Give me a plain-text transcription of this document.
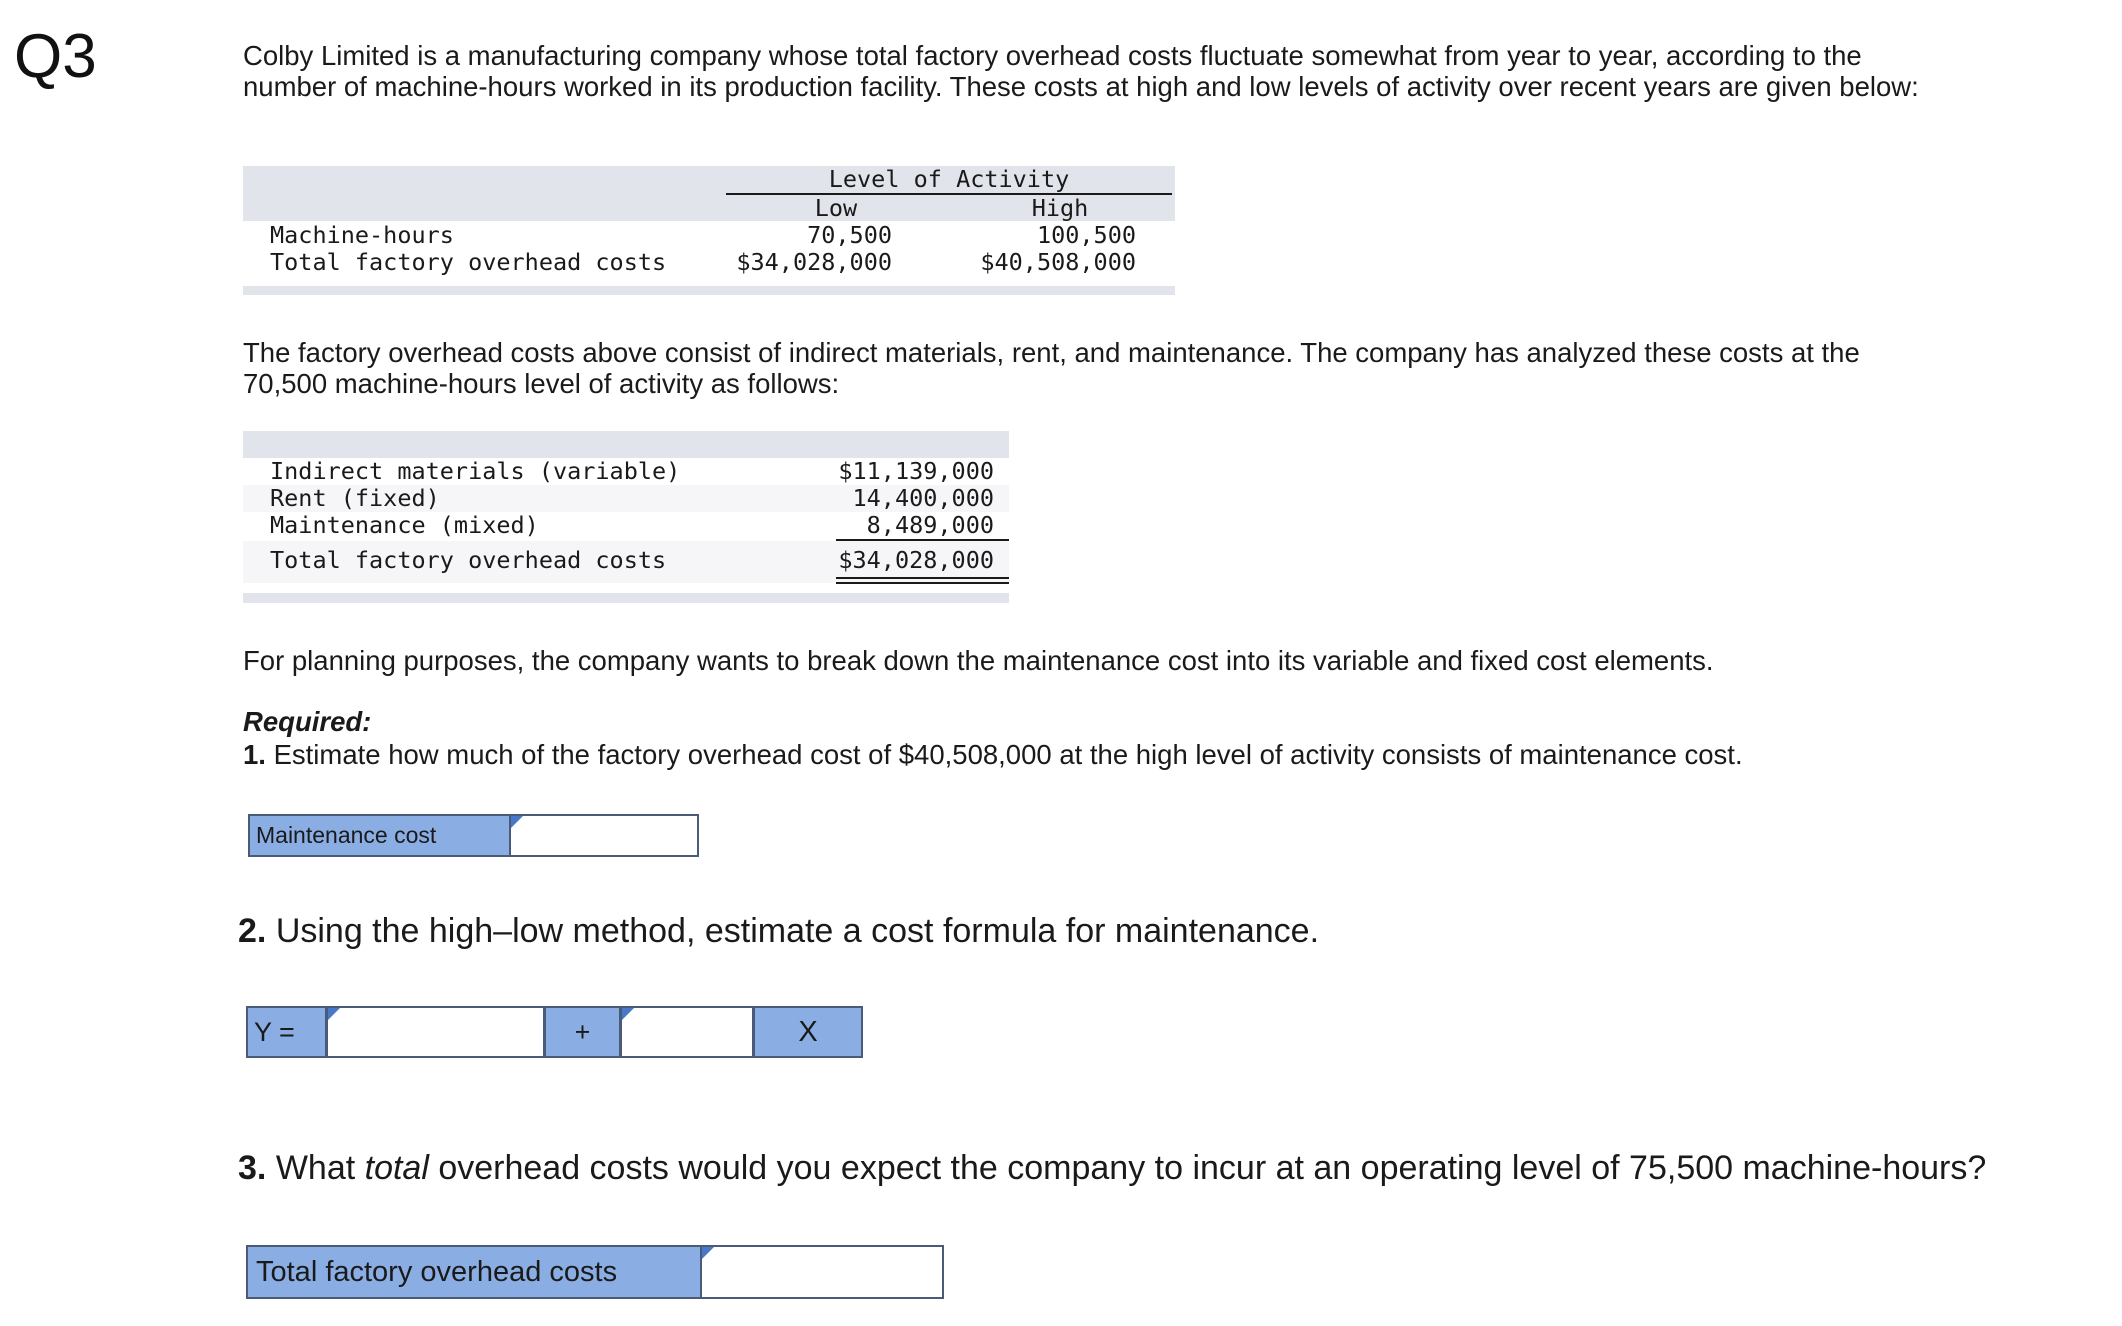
Q3	Colby Limited is a manufacturing company whose total factory overhead costs fluctuate somewhat from year to year, according to the number of machine-hours worked in its production facility. These costs at high and low levels of activity over recent years are given below:
Level of Activity
Low	High
Machine-hours	70,500	100,500
Total factory overhead costs	$34,028,000	$40,508,000
The factory overhead costs above consist of indirect materials, rent, and maintenance. The company has analyzed these costs at the 70,500 machine-hours level of activity as follows:
Indirect materials (variable)	$11,139,000
Rent (fixed)	14,400,000
Maintenance (mixed)	8,489,000
Total factory overhead costs	$34,028,000
For planning purposes, the company wants to break down the maintenance cost into its variable and fixed cost elements.
Required:
1. Estimate how much of the factory overhead cost of $40,508,000 at the high level of activity consists of maintenance cost.
Maintenance cost
2. Using the high–low method, estimate a cost formula for maintenance.
Y =	+	X
3. What total overhead costs would you expect the company to incur at an operating level of 75,500 machine-hours?
Total factory overhead costs
